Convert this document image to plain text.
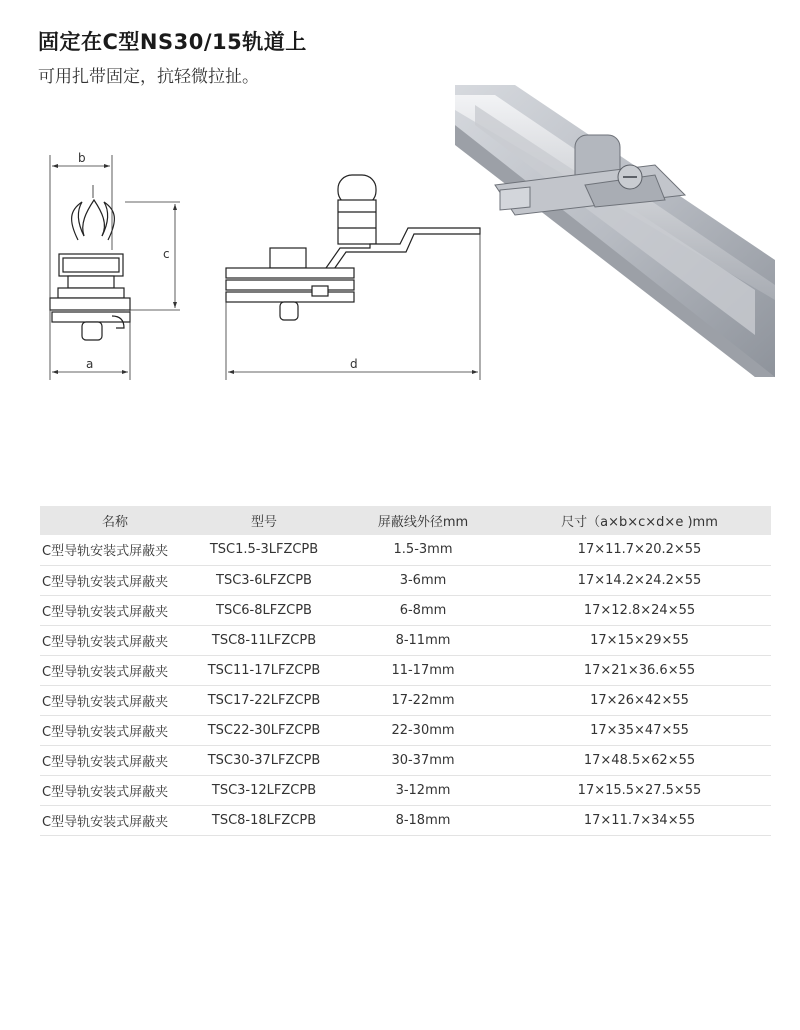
固定在C型NS30/15轨道上
可用扎带固定，抗轻微拉扯。
b
a
c
d
名称	型号	屏蔽线外径mm	尺寸（a×b×c×d×e )mm
C型导轨安装式屏蔽夹	TSC1.5-3LFZCPB	1.5-3mm	17×11.7×20.2×55
C型导轨安装式屏蔽夹	TSC3-6LFZCPB	3-6mm	17×14.2×24.2×55
C型导轨安装式屏蔽夹	TSC6-8LFZCPB	6-8mm	17×12.8×24×55
C型导轨安装式屏蔽夹	TSC8-11LFZCPB	8-11mm	17×15×29×55
C型导轨安装式屏蔽夹	TSC11-17LFZCPB	11-17mm	17×21×36.6×55
C型导轨安装式屏蔽夹	TSC17-22LFZCPB	17-22mm	17×26×42×55
C型导轨安装式屏蔽夹	TSC22-30LFZCPB	22-30mm	17×35×47×55
C型导轨安装式屏蔽夹	TSC30-37LFZCPB	30-37mm	17×48.5×62×55
C型导轨安装式屏蔽夹	TSC3-12LFZCPB	3-12mm	17×15.5×27.5×55
C型导轨安装式屏蔽夹	TSC8-18LFZCPB	8-18mm	17×11.7×34×55
